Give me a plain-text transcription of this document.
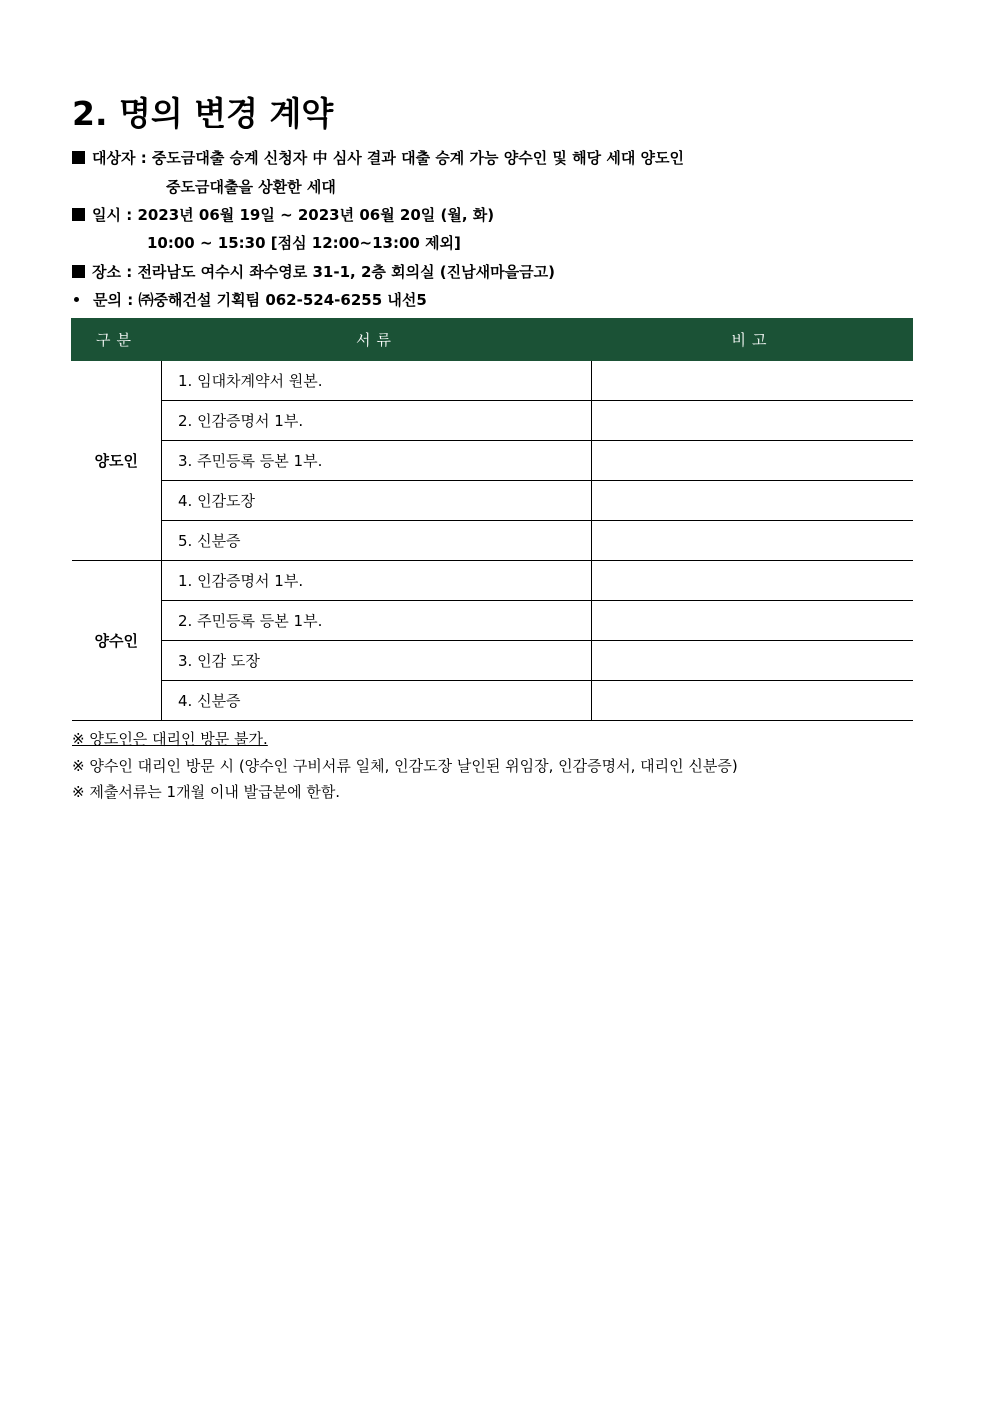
2. 명의 변경 계약
대상자 : 중도금대출 승계 신청자 中 심사 결과 대출 승계 가능 양수인 및 해당 세대 양도인
중도금대출을 상환한 세대
일시 : 2023년 06월 19일 ~ 2023년 06월 20일 (월, 화)
10:00 ~ 15:30 [점심 12:00~13:00 제외]
장소 : 전라남도 여수시 좌수영로 31-1, 2층 회의실 (진남새마을금고)
문의 : ㈜중해건설 기획팀 062-524-6255 내선5
구분	서류	비고
양도인	1. 임대차계약서 원본.	
	2. 인감증명서 1부.	
	3. 주민등록 등본 1부.	
	4. 인감도장	
	5. 신분증	
양수인	1. 인감증명서 1부.	
	2. 주민등록 등본 1부.	
	3. 인감 도장	
	4. 신분증	
※ 양도인은 대리인 방문 불가.
※ 양수인 대리인 방문 시 (양수인 구비서류 일체, 인감도장 날인된 위임장, 인감증명서, 대리인 신분증)
※ 제출서류는 1개월 이내 발급분에 한함.
